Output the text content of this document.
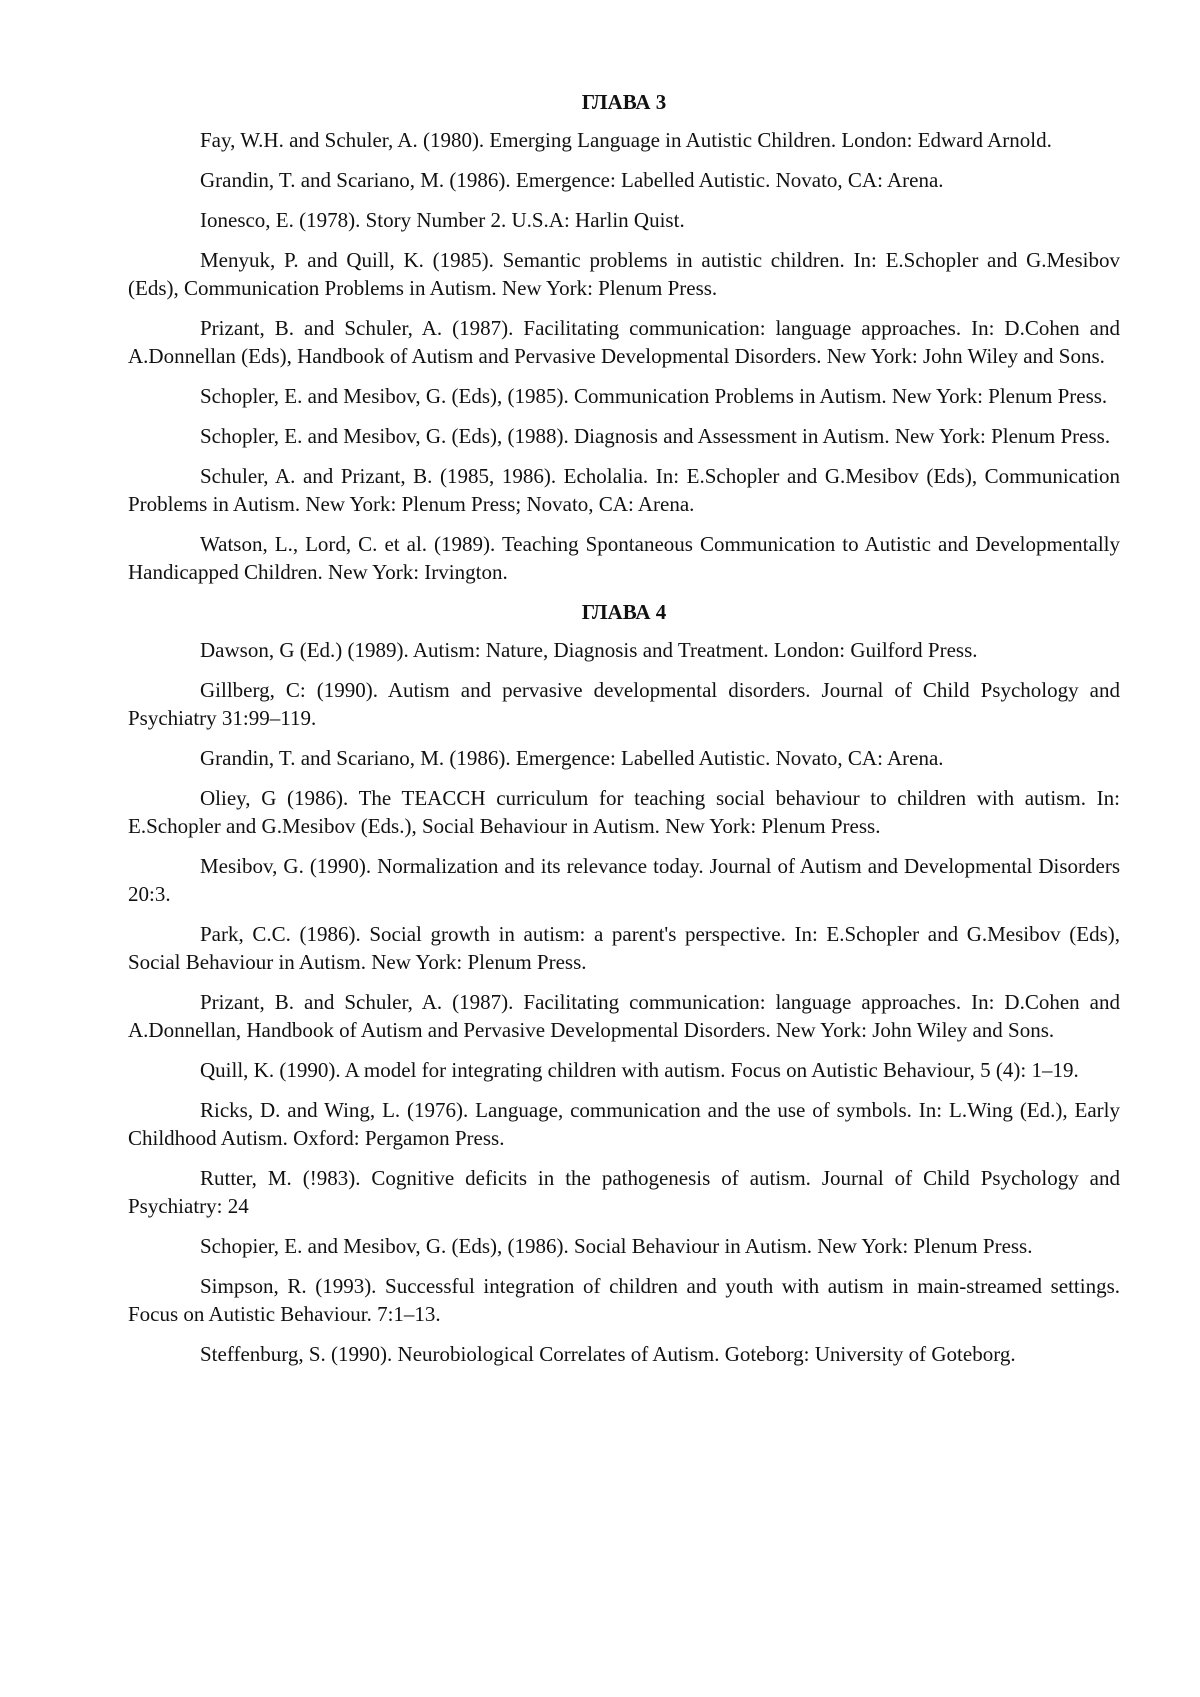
ГЛАВА 3

Fay, W.H. and Schuler, A. (1980). Emerging Language in Autistic Children. London: Edward Arnold.

Grandin, T. and Scariano, M. (1986). Emergence: Labelled Autistic. Novato, CA: Arena.

Ionesco, E. (1978). Story Number 2. U.S.A: Harlin Quist.

Menyuk, P. and Quill, K. (1985). Semantic problems in autistic children. In: E.Schopler and G.Mesibov (Eds), Communication Problems in Autism. New York: Plenum Press.

Prizant, B. and Schuler, A. (1987). Facilitating communication: language approaches. In: D.Cohen and A.Donnellan (Eds), Handbook of Autism and Pervasive Developmental Disorders. New York: John Wiley and Sons.

Schopler, E. and Mesibov, G. (Eds), (1985). Communication Problems in Autism. New York: Plenum Press.

Schopler, E. and Mesibov, G. (Eds), (1988). Diagnosis and Assessment in Autism. New York: Plenum Press.

Schuler, A. and Prizant, B. (1985, 1986). Echolalia. In: E.Schopler and G.Mesibov (Eds), Communication Problems in Autism. New York: Plenum Press; Novato, CA: Arena.

Watson, L., Lord, C. et al. (1989). Teaching Spontaneous Communication to Autistic and Developmentally Handicapped Children. New York: Irvington.

ГЛАВА 4

Dawson, G (Ed.) (1989). Autism: Nature, Diagnosis and Treatment. London: Guilford Press.

Gillberg, C: (1990). Autism and pervasive developmental disorders. Journal of Child Psychology and Psychiatry 31:99–119.

Grandin, T. and Scariano, M. (1986). Emergence: Labelled Autistic. Novato, CA: Arena.

Oliey, G (1986). The TEACCH curriculum for teaching social behaviour to children with autism. In: E.Schopler and G.Mesibov (Eds.), Social Behaviour in Autism. New York: Plenum Press.

Mesibov, G. (1990). Normalization and its relevance today. Journal of Autism and Developmental Disorders 20:3.

Park, C.C. (1986). Social growth in autism: a parent's perspective. In: E.Schopler and G.Mesibov (Eds), Social Behaviour in Autism. New York: Plenum Press.

Prizant, B. and Schuler, A. (1987). Facilitating communication: language approaches. In: D.Cohen and A.Donnellan, Handbook of Autism and Pervasive Developmental Disorders. New York: John Wiley and Sons.

Quill, K. (1990). A model for integrating children with autism. Focus on Autistic Behaviour, 5 (4): 1–19.

Ricks, D. and Wing, L. (1976). Language, communication and the use of symbols. In: L.Wing (Ed.), Early Childhood Autism. Oxford: Pergamon Press.

Rutter, M. (!983). Cognitive deficits in the pathogenesis of autism. Journal of Child Psychology and Psychiatry: 24

Schopier, E. and Mesibov, G. (Eds), (1986). Social Behaviour in Autism. New York: Plenum Press.

Simpson, R. (1993). Successful integration of children and youth with autism in main-streamed settings. Focus on Autistic Behaviour. 7:1–13.

Steffenburg, S. (1990). Neurobiological Correlates of Autism. Goteborg: University of Goteborg.
